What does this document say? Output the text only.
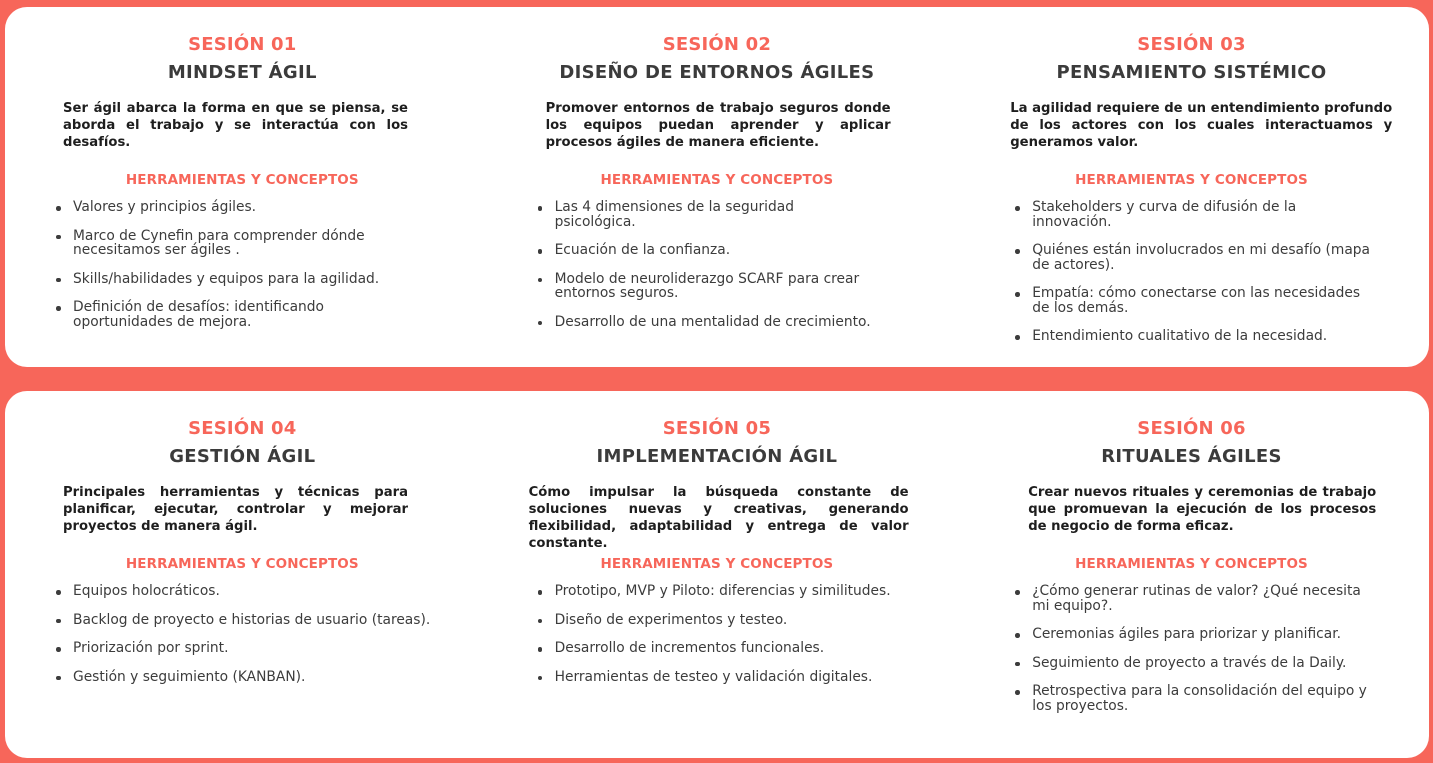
SESIÓN 01
MINDSET ÁGIL
Ser ágil abarca la forma en que se piensa, se aborda el trabajo y se interactúa con los desafíos.
HERRAMIENTAS Y CONCEPTOS
Valores y principios ágiles.
Marco de Cynefin para comprender dónde necesitamos ser ágiles .
Skills/habilidades y equipos para la agilidad.
Definición de desafíos: identificando oportunidades de mejora.
SESIÓN 02
DISEÑO DE ENTORNOS ÁGILES
Promover entornos de trabajo seguros donde los equipos puedan aprender y aplicar procesos ágiles de manera eficiente.
HERRAMIENTAS Y CONCEPTOS
Las 4 dimensiones de la seguridad psicológica.
Ecuación de la confianza.
Modelo de neuroliderazgo SCARF para crear entornos seguros.
Desarrollo de una mentalidad de crecimiento.
SESIÓN 03
PENSAMIENTO SISTÉMICO
La agilidad requiere de un entendimiento profundo de los actores con los cuales interactuamos y generamos valor.
HERRAMIENTAS Y CONCEPTOS
Stakeholders y curva de difusión de la innovación.
Quiénes están involucrados en mi desafío (mapa de actores).
Empatía: cómo conectarse con las necesidades de los demás.
Entendimiento cualitativo de la necesidad.
SESIÓN 04
GESTIÓN ÁGIL
Principales herramientas y técnicas para planificar, ejecutar, controlar y mejorar proyectos de manera ágil.
HERRAMIENTAS Y CONCEPTOS
Equipos holocráticos.
Backlog de proyecto e historias de usuario (tareas).
Priorización por sprint.
Gestión y seguimiento (KANBAN).
SESIÓN 05
IMPLEMENTACIÓN ÁGIL
Cómo impulsar la búsqueda constante de soluciones nuevas y creativas, generando flexibilidad, adaptabilidad y entrega de valor constante.
HERRAMIENTAS Y CONCEPTOS
Prototipo, MVP y Piloto: diferencias y similitudes.
Diseño de experimentos y testeo.
Desarrollo de incrementos funcionales.
Herramientas de testeo y validación digitales.
SESIÓN 06
RITUALES ÁGILES
Crear nuevos rituales y ceremonias de trabajo que promuevan la ejecución de los procesos de negocio de forma eficaz.
HERRAMIENTAS Y CONCEPTOS
¿Cómo generar rutinas de valor? ¿Qué necesita mi equipo?.
Ceremonias ágiles para priorizar y planificar.
Seguimiento de proyecto a través de la Daily.
Retrospectiva para la consolidación del equipo y los proyectos.
